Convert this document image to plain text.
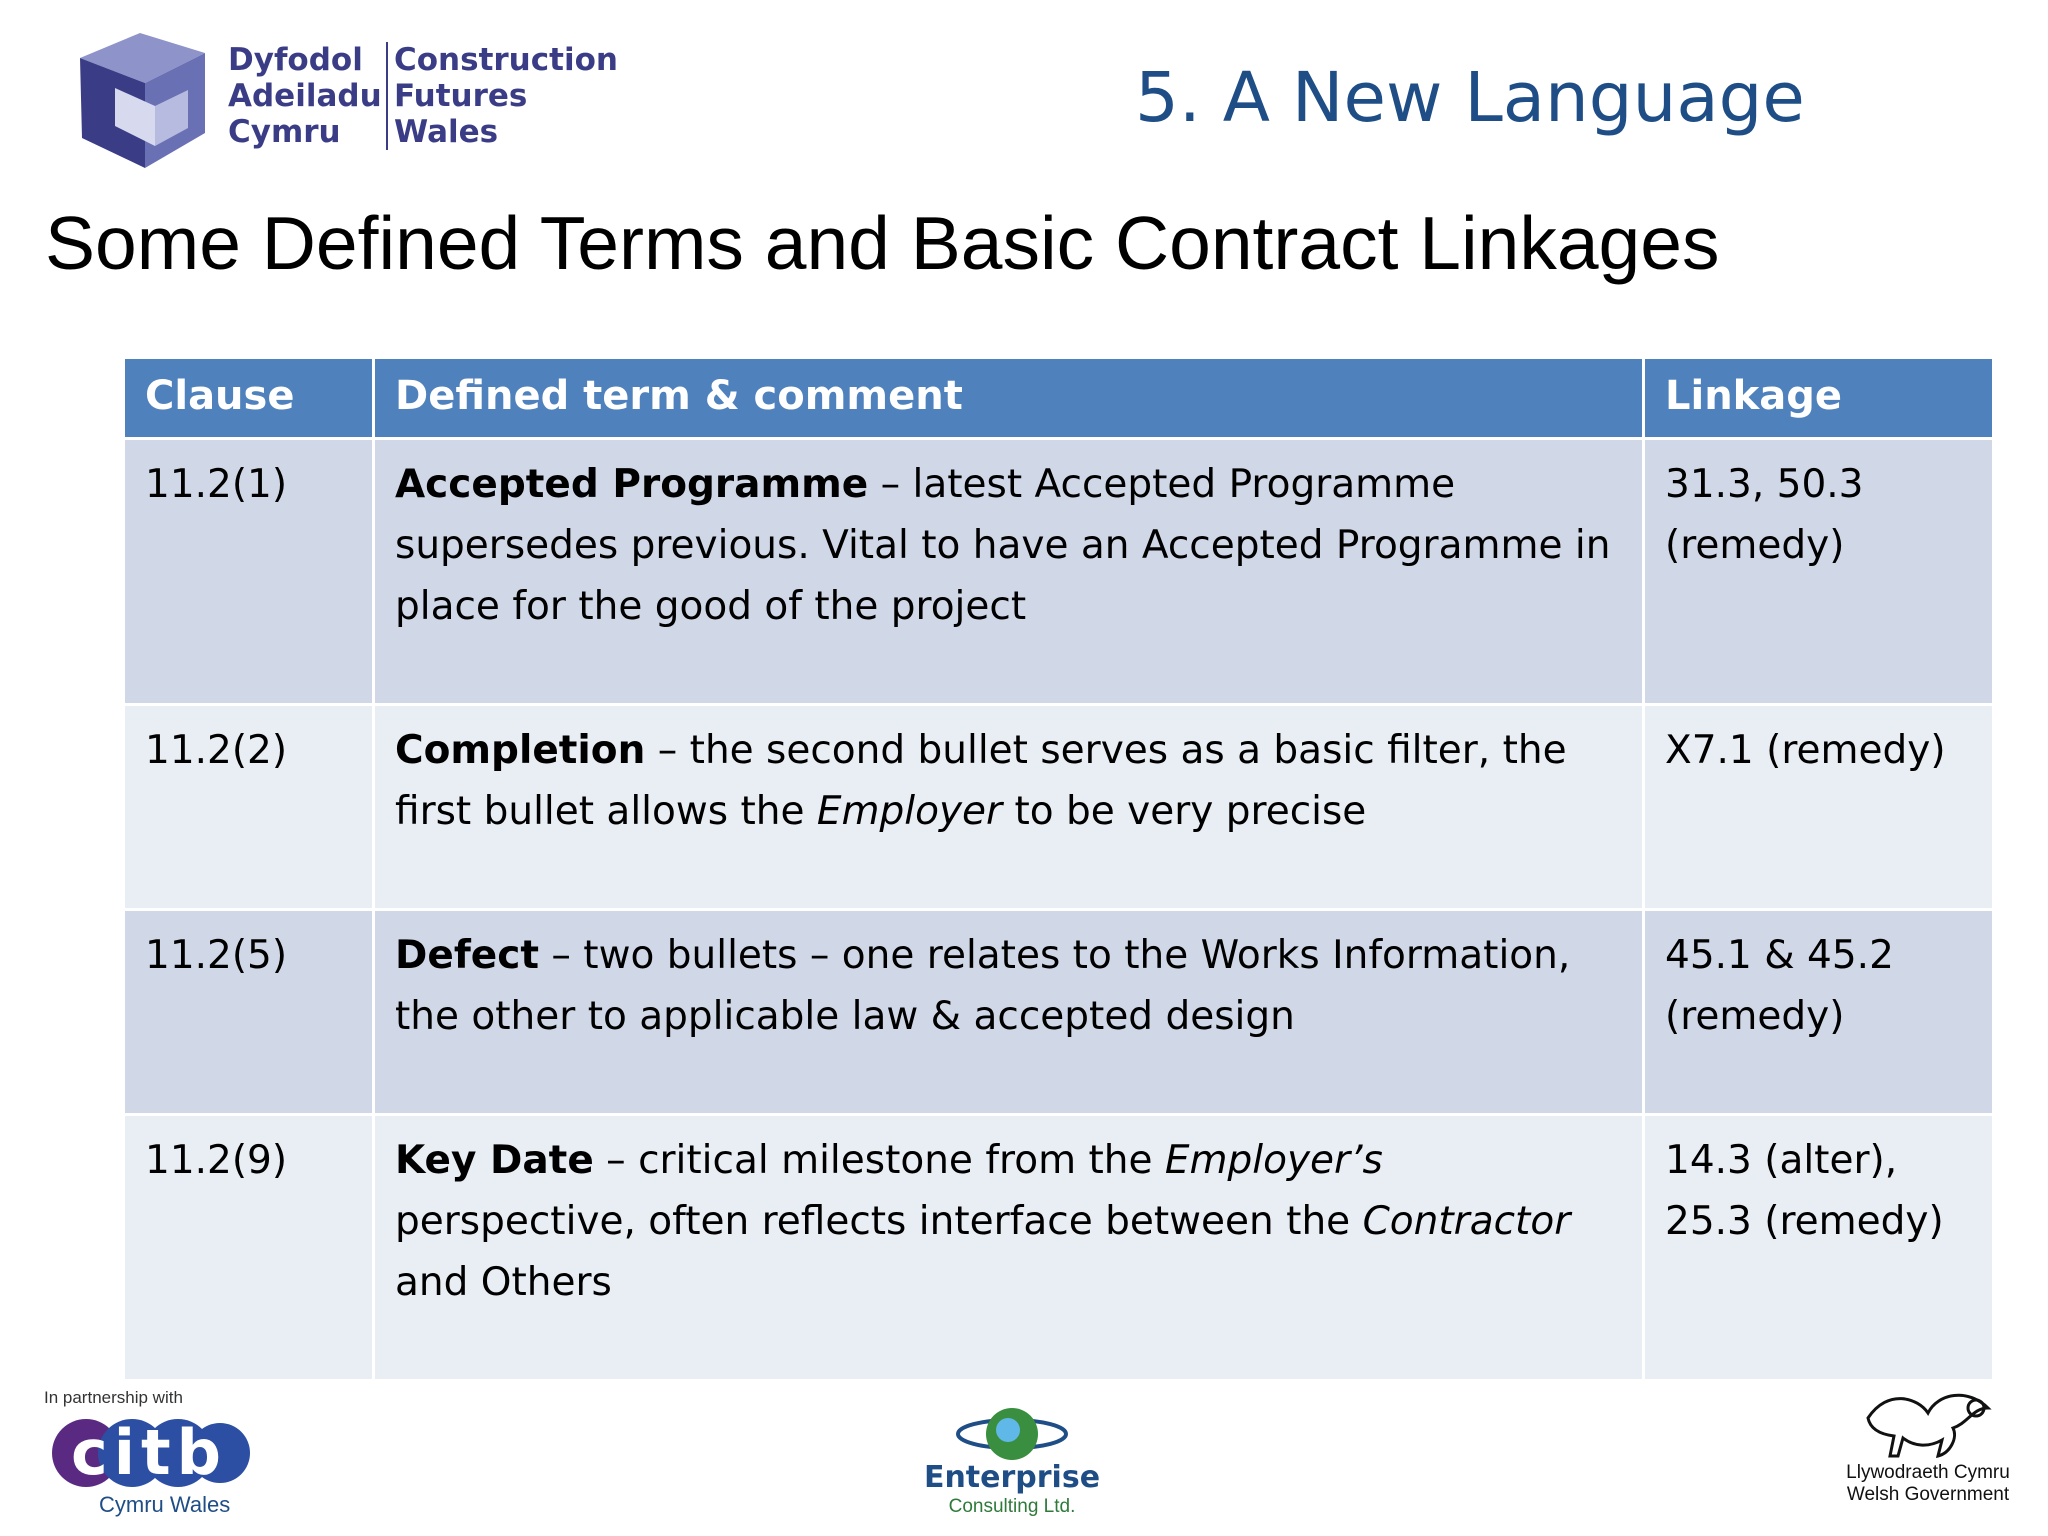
Dyfodol
Adeiladu
Cymru
Construction
Futures
Wales	5. A New Language
Some Defined Terms and Basic Contract Linkages
Clause	Defined term & comment	Linkage
11.2(1)	Accepted Programme – latest Accepted Programme supersedes previous. Vital to have an Accepted Programme in place for the good of the project	31.3, 50.3
(remedy)

11.2(2)	Completion – the second bullet serves as a basic filter, the first bullet allows the Employer to be very precise	X7.1 (remedy)

11.2(5)	Defect – two bullets – one relates to the Works Information, the other to applicable law & accepted design	45.1 & 45.2
(remedy)

11.2(9)	Key Date – critical milestone from the Employer’s perspective, often reflects interface between the Contractor and Others	14.3 (alter),
25.3 (remedy)
In partnership with
citb
Cymru Wales
Enterprise
Consulting Ltd.
Llywodraeth Cymru
Welsh Government
